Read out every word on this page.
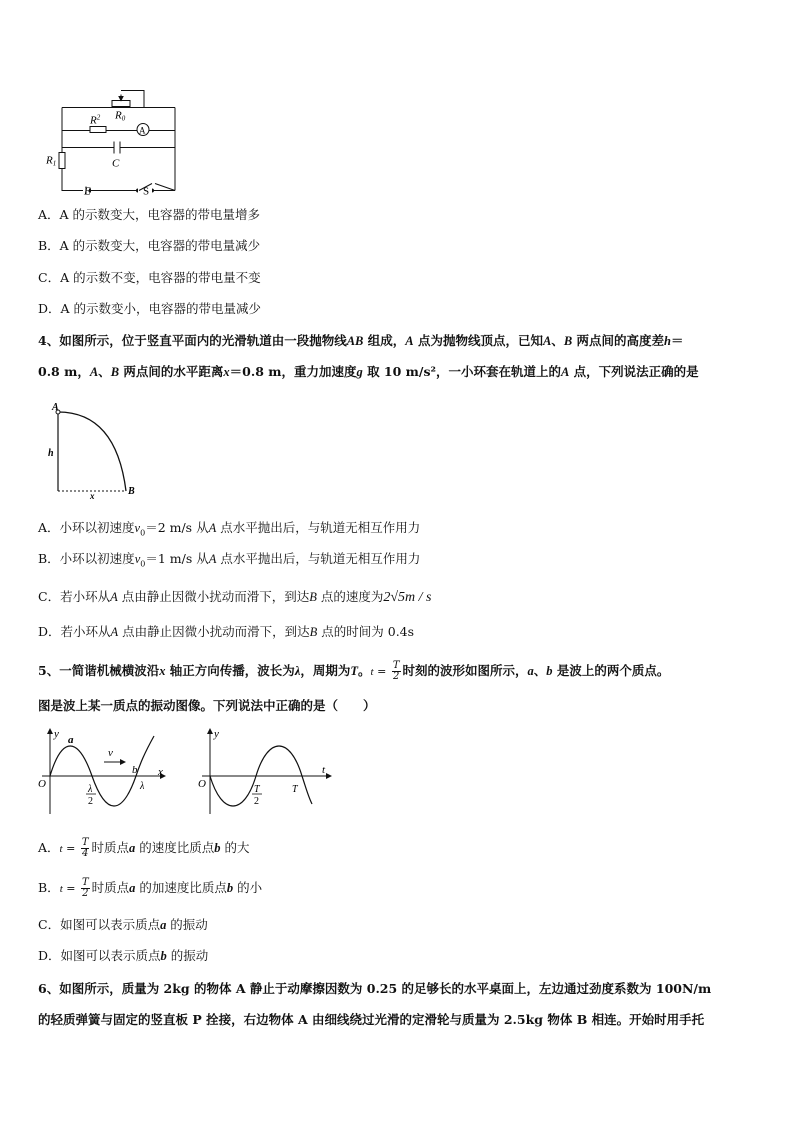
R0
$R^2$
A
C
R1
E	S
A．A 的示数变大，电容器的带电量增多
B．A 的示数变大，电容器的带电量减少
C．A 的示数不变，电容器的带电量不变
D．A 的示数变小，电容器的带电量减少
4、如图所示，位于竖直平面内的光滑轨道由一段抛物线AB 组成，A 点为抛物线顶点，已知A、B 两点间的高度差h＝
0.8 m，A、B 两点间的水平距离x＝0.8 m，重力加速度g 取 10 m/s²，一小环套在轨道上的A 点，下列说法正确的是
A
B
h
x
A．小环以初速度$v_0=2$ m/s 从A 点水平抛出后，与轨道无相互作用力
B．小环以初速度$v_0=1$ m/s 从A 点水平抛出后，与轨道无相互作用力
C．若小环从A 点由静止因微小扰动而滑下，到达B 点的速度为2√5m / s
D．若小环从A 点由静止因微小扰动而滑下，到达B 点的时间为 0.4s
5、一简谐机械横波沿x 轴正方向传播，波长为λ，周期为T。$t = \frac{T}{2}$ 时刻的波形如图所示，a、b 是波上的两个质点。
图是波上某一质点的振动图像。下列说法中正确的是（　　）
y a
v
O
b x
λ
2
λ
y
O
t
T
2
T
A．$t = \frac{T}{4}$ 时质点a 的速度比质点b 的大
B．$t = \frac{T}{2}$ 时质点a 的加速度比质点b 的小
C．如图可以表示质点a 的振动
D．如图可以表示质点b 的振动
6、如图所示，质量为 2kg 的物体 A 静止于动摩擦因数为 0.25 的足够长的水平桌面上，左边通过劲度系数为 100N/m
的轻质弹簧与固定的竖直板 P 拴接，右边物体 A 由细线绕过光滑的定滑轮与质量为 2.5kg 物体 B 相连。开始时用手托
